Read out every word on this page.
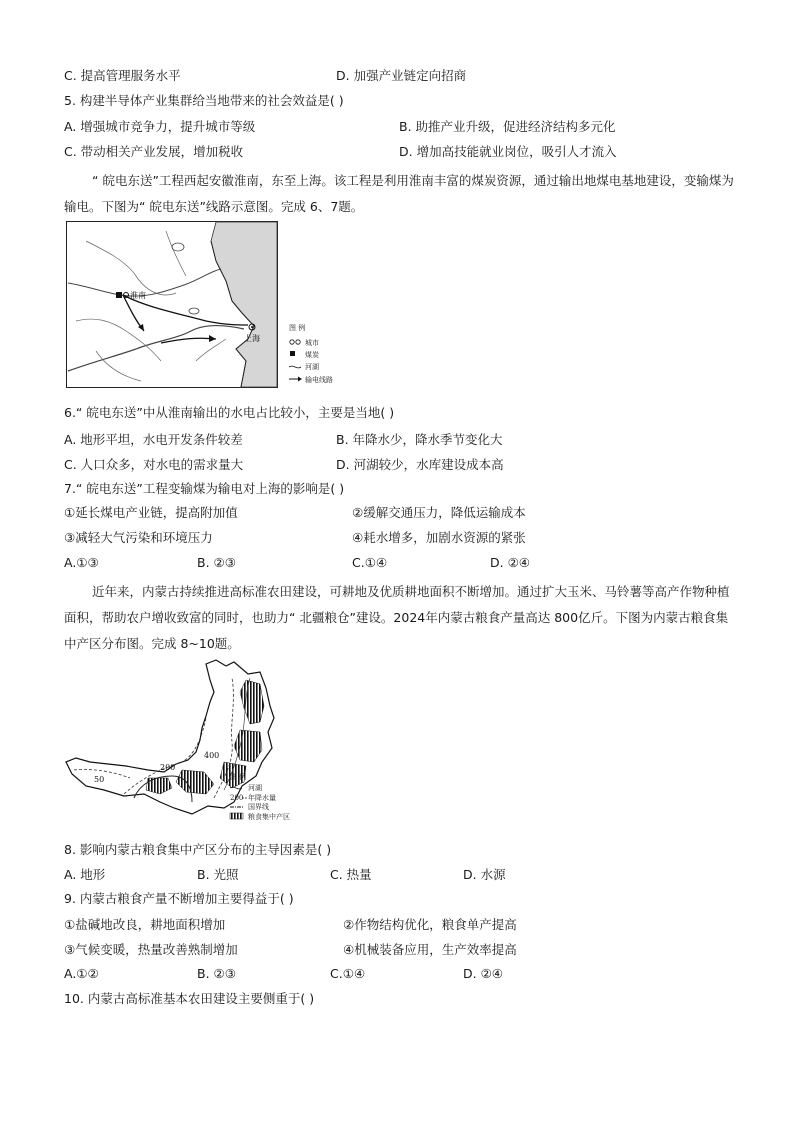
C. 提高管理服务水平	D. 加强产业链定向招商
5. 构建半导体产业集群给当地带来的社会效益是( )
A. 增强城市竞争力，提升城市等级	B. 助推产业升级，促进经济结构多元化
C. 带动相关产业发展，增加税收	D. 增加高技能就业岗位，吸引人才流入
“ 皖电东送”工程西起安徽淮南，东至上海。该工程是利用淮南丰富的煤炭资源，通过输出地煤电基地建设，变输煤为输电。下图为“ 皖电东送”线路示意图。完成 6、7题。
淮南
上海
图 例
城市
煤炭
河湖
输电线路
6.“ 皖电东送”中从淮南输出的水电占比较小，主要是当地( )
A. 地形平坦，水电开发条件较差	B. 年降水少，降水季节变化大
C. 人口众多，对水电的需求量大	D. 河湖较少，水库建设成本高
7.“ 皖电东送”工程变输煤为输电对上海的影响是( )
①延长煤电产业链，提高附加值	②缓解交通压力，降低运输成本
③减轻大气污染和环境压力	④耗水增多，加剧水资源的紧张
A.①③	B. ②③	C.①④	D. ②④
近年来，内蒙古持续推进高标准农田建设，可耕地及优质耕地面积不断增加。通过扩大玉米、马铃薯等高产作物种植面积，帮助农户增收致富的同时，也助力“ 北疆粮仓”建设。2024年内蒙古粮食产量高达 800亿斤。下图为内蒙古粮食集中产区分布图。完成 8~10题。
400
200
50	图 例
河湖
200 年降水量
国界线
粮食集中产区
8. 影响内蒙古粮食集中产区分布的主导因素是( )
A. 地形	B. 光照	C. 热量	D. 水源
9. 内蒙古粮食产量不断增加主要得益于( )
①盐碱地改良，耕地面积增加	②作物结构优化，粮食单产提高
③气候变暖，热量改善熟制增加	④机械装备应用，生产效率提高
A.①②	B. ②③	C.①④	D. ②④
10. 内蒙古高标准基本农田建设主要侧重于( )
